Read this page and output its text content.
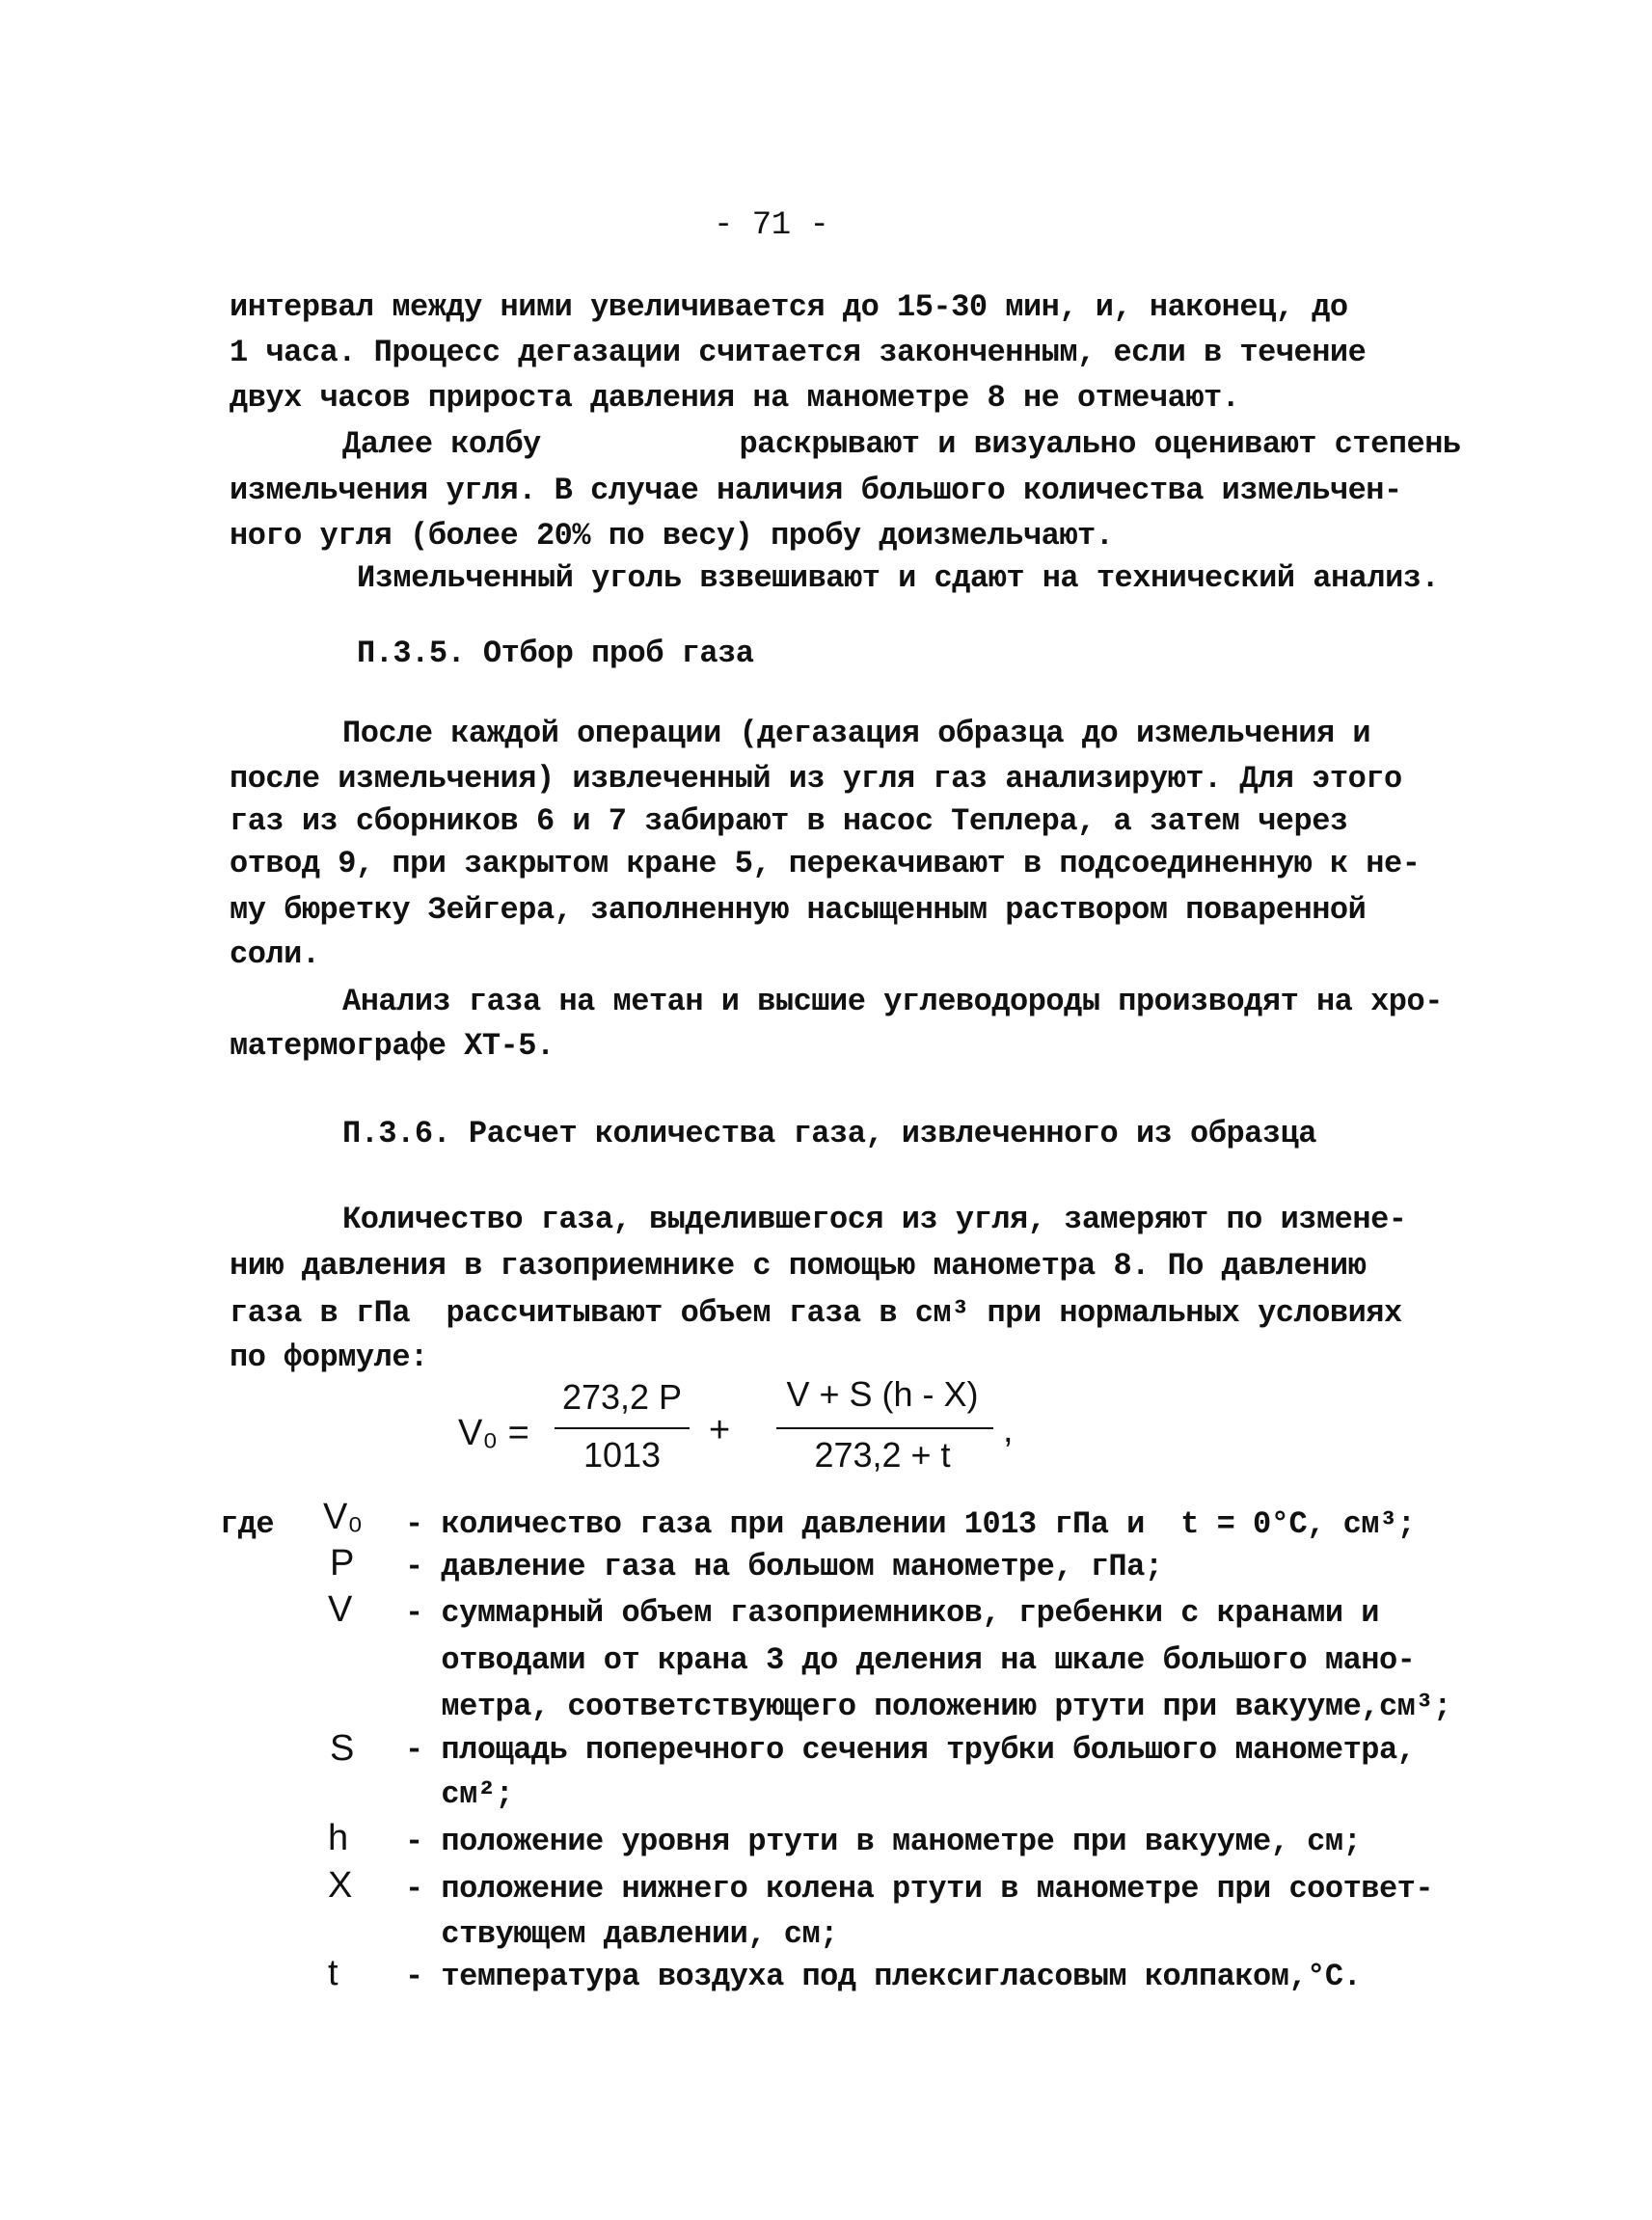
- 71 -
интервал между ними увеличивается до 15-30 мин, и, наконец, до
1 часа. Процесс дегазации считается законченным, если в течение
двух часов прироста давления на манометре 8 не отмечают.
Далее колбу           раскрывают и визуально оценивают степень
измельчения угля. В случае наличия большого количества измельчен-
ного угля (более 20% по весу) пробу доизмельчают.
Измельченный уголь взвешивают и сдают на технический анализ.
П.3.5. Отбор проб газа
После каждой операции (дегазация образца до измельчения и
после измельчения) извлеченный из угля газ анализируют. Для этого
газ из сборников 6 и 7 забирают в насос Теплера, а затем через
отвод 9, при закрытом кране 5, перекачивают в подсоединенную к не-
му бюретку Зейгера, заполненную насыщенным раствором поваренной
соли.
Анализ газа на метан и высшие углеводороды производят на хро-
матермографе ХТ-5.
П.3.6. Расчет количества газа, извлеченного из образца
Количество газа, выделившегося из угля, замеряют по измене-
нию давления в газоприемнике с помощью манометра 8. По давлению
газа в гПа  рассчитывают объем газа в см³ при нормальных условиях
по формуле:
V₀ =
273,2 P
1013
+
V + S (h - X)
273,2 + t
,
где V₀ - количество газа при давлении 1013 гПа и  t = 0°C, см³;
P - давление газа на большом манометре, гПа;
V - суммарный объем газоприемников, гребенки с кранами и
отводами от крана 3 до деления на шкале большого мано-
метра, соответствующего положению ртути при вакууме,см³;
S - площадь поперечного сечения трубки большого манометра,
см²;
h - положение уровня ртути в манометре при вакууме, см;
X - положение нижнего колена ртути в манометре при соответ-
ствующем давлении, см;
t - температура воздуха под плексигласовым колпаком,°C.
